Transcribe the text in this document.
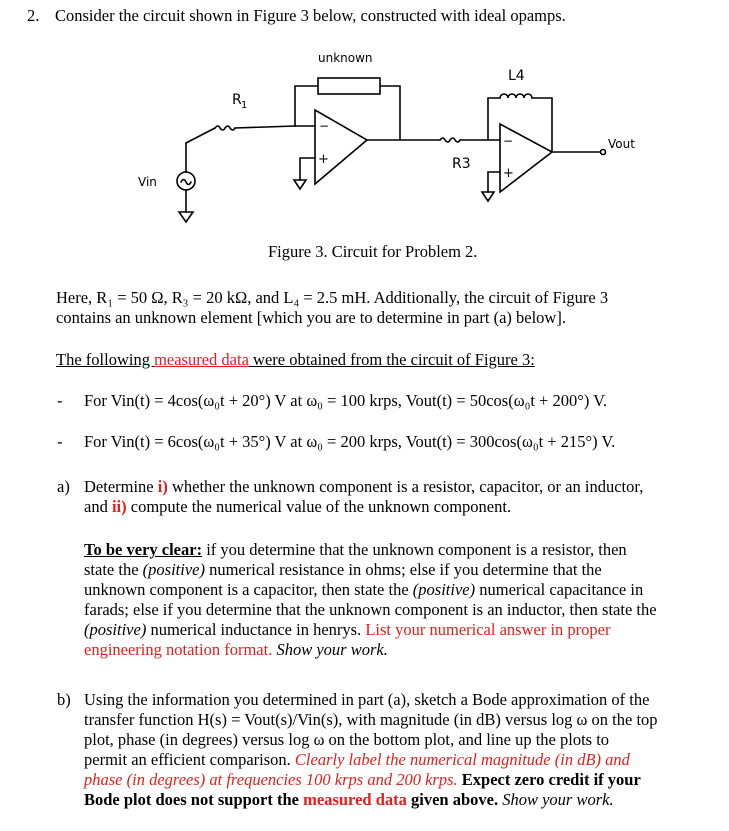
2. Consider the circuit shown in Figure 3 below, constructed with ideal opamps.
unknown
R 1
R3
L4
Vin
Vout
−
+
−
+
Figure 3. Circuit for Problem 2.
Here, R₁ = 50 Ω, R₃ = 20 kΩ, and L₄ = 2.5 mH. Additionally, the circuit of Figure 3
contains an unknown element [which you are to determine in part (a) below].
The following measured data were obtained from the circuit of Figure 3:
- For Vin(t) = 4cos(ω₀t + 20°) V at ω₀ = 100 krps, Vout(t) = 50cos(ω₀t + 200°) V.
- For Vin(t) = 6cos(ω₀t + 35°) V at ω₀ = 200 krps, Vout(t) = 300cos(ω₀t + 215°) V.
a) Determine i) whether the unknown component is a resistor, capacitor, or an inductor,
and ii) compute the numerical value of the unknown component.
To be very clear: if you determine that the unknown component is a resistor, then
state the (positive) numerical resistance in ohms; else if you determine that the
unknown component is a capacitor, then state the (positive) numerical capacitance in
farads; else if you determine that the unknown component is an inductor, then state the
(positive) numerical inductance in henrys. List your numerical answer in proper
engineering notation format. Show your work.
b) Using the information you determined in part (a), sketch a Bode approximation of the
transfer function H(s) = Vout(s)/Vin(s), with magnitude (in dB) versus log ω on the top
plot, phase (in degrees) versus log ω on the bottom plot, and line up the plots to
permit an efficient comparison. Clearly label the numerical magnitude (in dB) and
phase (in degrees) at frequencies 100 krps and 200 krps. Expect zero credit if your
Bode plot does not support the measured data given above. Show your work.
